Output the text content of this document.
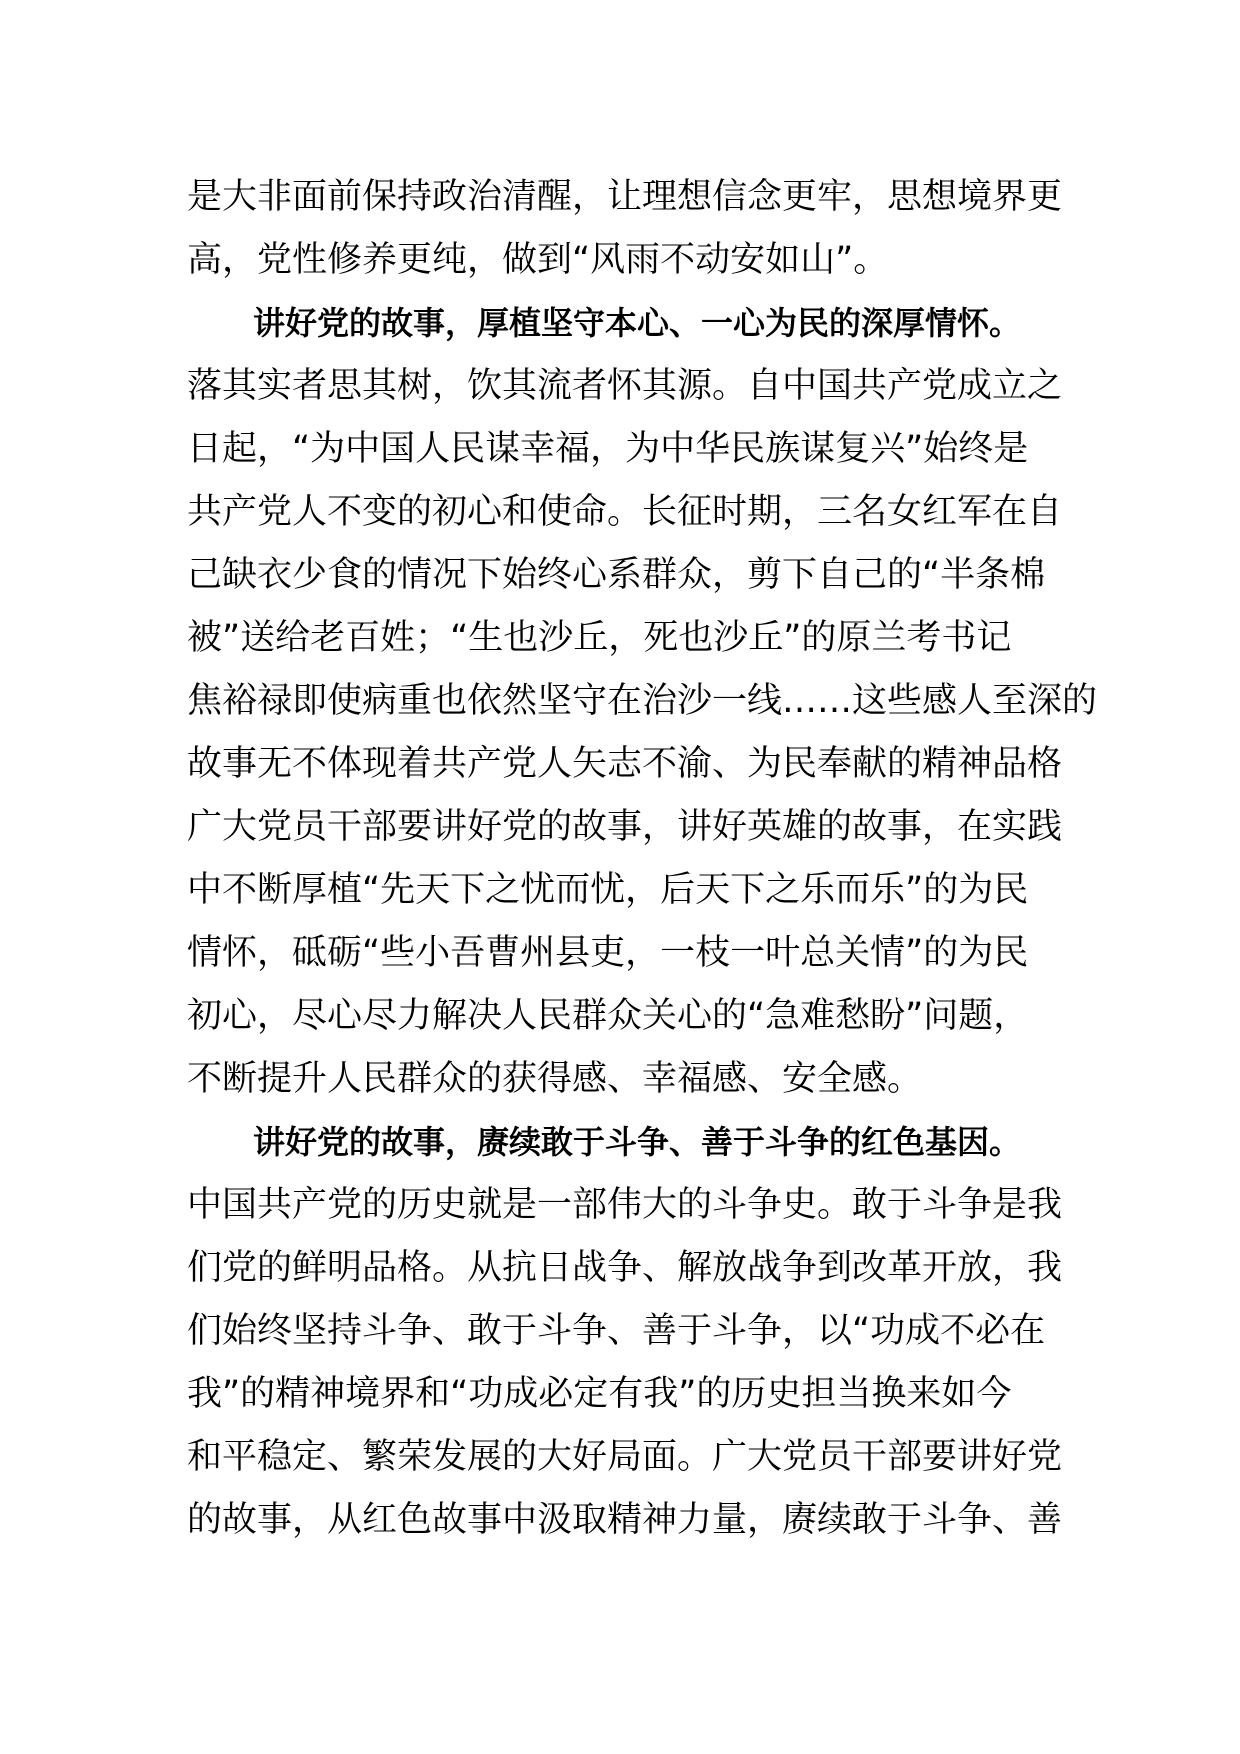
是大非面前保持政治清醒，让理想信念更牢，思想境界更
高，党性修养更纯，做到“风雨不动安如山”。
讲好党的故事，厚植坚守本心、一心为民的深厚情怀。
落其实者思其树，饮其流者怀其源。自中国共产党成立之
日起，“为中国人民谋幸福，为中华民族谋复兴”始终是
共产党人不变的初心和使命。长征时期，三名女红军在自
己缺衣少食的情况下始终心系群众，剪下自己的“半条棉
被”送给老百姓；“生也沙丘，死也沙丘”的原兰考书记
焦裕禄即使病重也依然坚守在治沙一线……这些感人至深的
故事无不体现着共产党人矢志不渝、为民奉献的精神品格
广大党员干部要讲好党的故事，讲好英雄的故事，在实践
中不断厚植“先天下之忧而忧，后天下之乐而乐”的为民
情怀，砥砺“些小吾曹州县吏，一枝一叶总关情”的为民
初心，尽心尽力解决人民群众关心的“急难愁盼”问题，
不断提升人民群众的获得感、幸福感、安全感。
讲好党的故事，赓续敢于斗争、善于斗争的红色基因。
中国共产党的历史就是一部伟大的斗争史。敢于斗争是我
们党的鲜明品格。从抗日战争、解放战争到改革开放，我
们始终坚持斗争、敢于斗争、善于斗争，以“功成不必在
我”的精神境界和“功成必定有我”的历史担当换来如今
和平稳定、繁荣发展的大好局面。广大党员干部要讲好党
的故事，从红色故事中汲取精神力量，赓续敢于斗争、善
